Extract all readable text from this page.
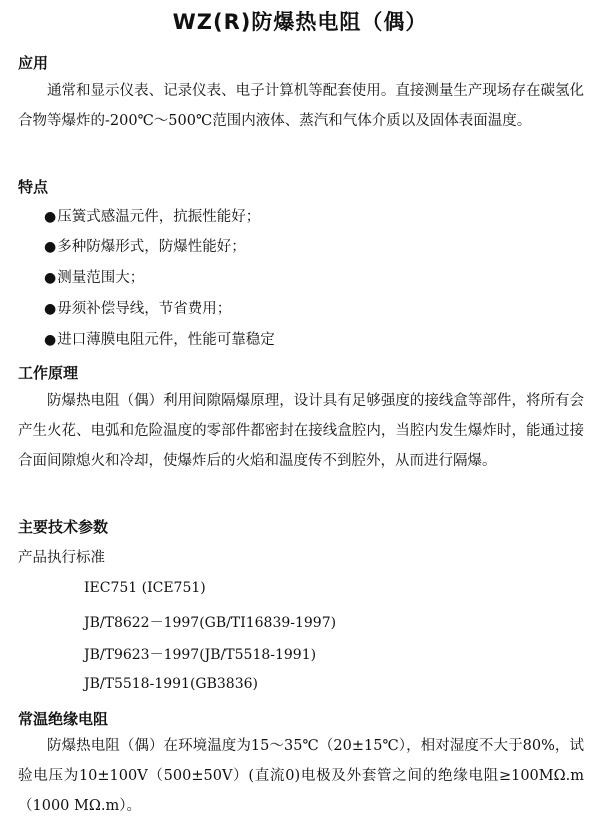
WZ(R)防爆热电阻（偶）
应用

通常和显示仪表、记录仪表、电子计算机等配套使用。直接测量生产现场存在碳氢化合物等爆炸的-200℃～500℃范围内液体、蒸汽和气体介质以及固体表面温度。

特点
●压簧式感温元件，抗振性能好；
●多种防爆形式，防爆性能好；
●测量范围大；
●毋须补偿导线，节省费用；
●进口薄膜电阻元件，性能可靠稳定
工作原理

防爆热电阻（偶）利用间隙隔爆原理，设计具有足够强度的接线盒等部件，将所有会产生火花、电弧和危险温度的零部件都密封在接线盒腔内，当腔内发生爆炸时，能通过接合面间隙熄火和冷却，使爆炸后的火焰和温度传不到腔外，从而进行隔爆。

主要技术参数
产品执行标准
IEC751 (ICE751)
JB/T8622－1997(GB/TI16839-1997)
JB/T9623－1997(JB/T5518-1991)
JB/T5518-1991(GB3836)
常温绝缘电阻

防爆热电阻（偶）在环境温度为15～35℃（20±15℃），相对湿度不大于80%，试验电压为10±100V（500±50V）(直流0)电极及外套管之间的绝缘电阻≥100MΩ.m（1000 MΩ.m）。
